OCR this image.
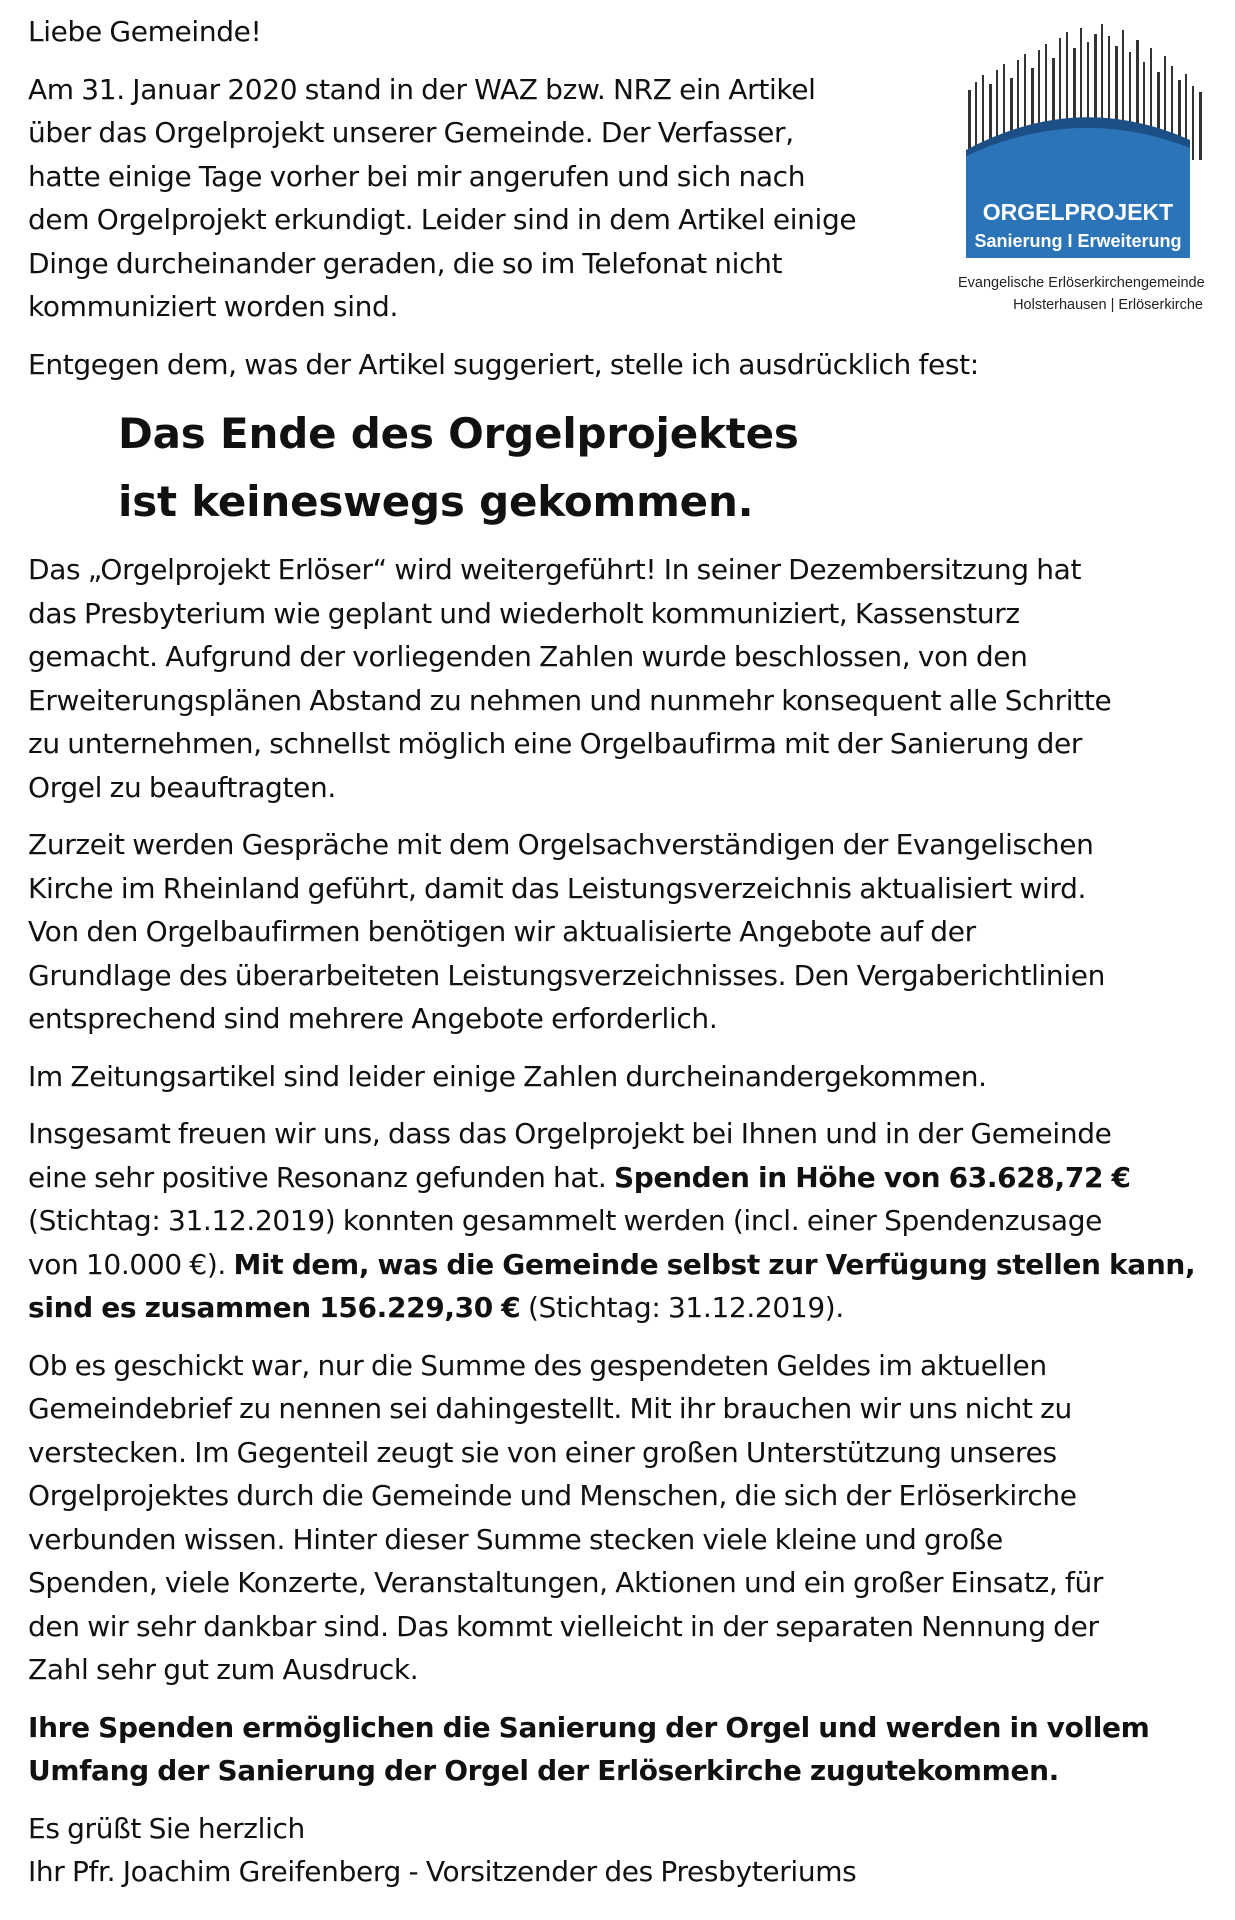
Liebe Gemeinde!

Am 31. Januar 2020 stand in der WAZ bzw. NRZ ein Artikel
über das Orgelprojekt unserer Gemeinde. Der Verfasser,
hatte einige Tage vorher bei mir angerufen und sich nach
dem Orgelprojekt erkundigt. Leider sind in dem Artikel einige
Dinge durcheinander geraden, die so im Telefonat nicht
kommuniziert worden sind.

Entgegen dem, was der Artikel suggeriert, stelle ich ausdrücklich fest:

Das Ende des Orgelprojektes
ist keineswegs gekommen.

Das „Orgelprojekt Erlöser“ wird weitergeführt! In seiner Dezembersitzung hat
das Presbyterium wie geplant und wiederholt kommuniziert, Kassensturz
gemacht. Aufgrund der vorliegenden Zahlen wurde beschlossen, von den
Erweiterungsplänen Abstand zu nehmen und nunmehr konsequent alle Schritte
zu unternehmen, schnellst möglich eine Orgelbaufirma mit der Sanierung der
Orgel zu beauftragten.

Zurzeit werden Gespräche mit dem Orgelsachverständigen der Evangelischen
Kirche im Rheinland geführt, damit das Leistungsverzeichnis aktualisiert wird.
Von den Orgelbaufirmen benötigen wir aktualisierte Angebote auf der
Grundlage des überarbeiteten Leistungsverzeichnisses. Den Vergaberichtlinien
entsprechend sind mehrere Angebote erforderlich.

Im Zeitungsartikel sind leider einige Zahlen durcheinandergekommen.

Insgesamt freuen wir uns, dass das Orgelprojekt bei Ihnen und in der Gemeinde
eine sehr positive Resonanz gefunden hat. Spenden in Höhe von 63.628,72 €
(Stichtag: 31.12.2019) konnten gesammelt werden (incl. einer Spendenzusage
von 10.000 €). Mit dem, was die Gemeinde selbst zur Verfügung stellen kann,
sind es zusammen 156.229,30 € (Stichtag: 31.12.2019).

Ob es geschickt war, nur die Summe des gespendeten Geldes im aktuellen
Gemeindebrief zu nennen sei dahingestellt. Mit ihr brauchen wir uns nicht zu
verstecken. Im Gegenteil zeugt sie von einer großen Unterstützung unseres
Orgelprojektes durch die Gemeinde und Menschen, die sich der Erlöserkirche
verbunden wissen. Hinter dieser Summe stecken viele kleine und große
Spenden, viele Konzerte, Veranstaltungen, Aktionen und ein großer Einsatz, für
den wir sehr dankbar sind. Das kommt vielleicht in der separaten Nennung der
Zahl sehr gut zum Ausdruck.

Ihre Spenden ermöglichen die Sanierung der Orgel und werden in vollem
Umfang der Sanierung der Orgel der Erlöserkirche zugutekommen.

Es grüßt Sie herzlich
Ihr Pfr. Joachim Greifenberg - Vorsitzender des Presbyteriums

ORGELPROJEKT
Sanierung I Erweiterung
Evangelische Erlöserkirchengemeinde
Holsterhausen | Erlöserkirche
